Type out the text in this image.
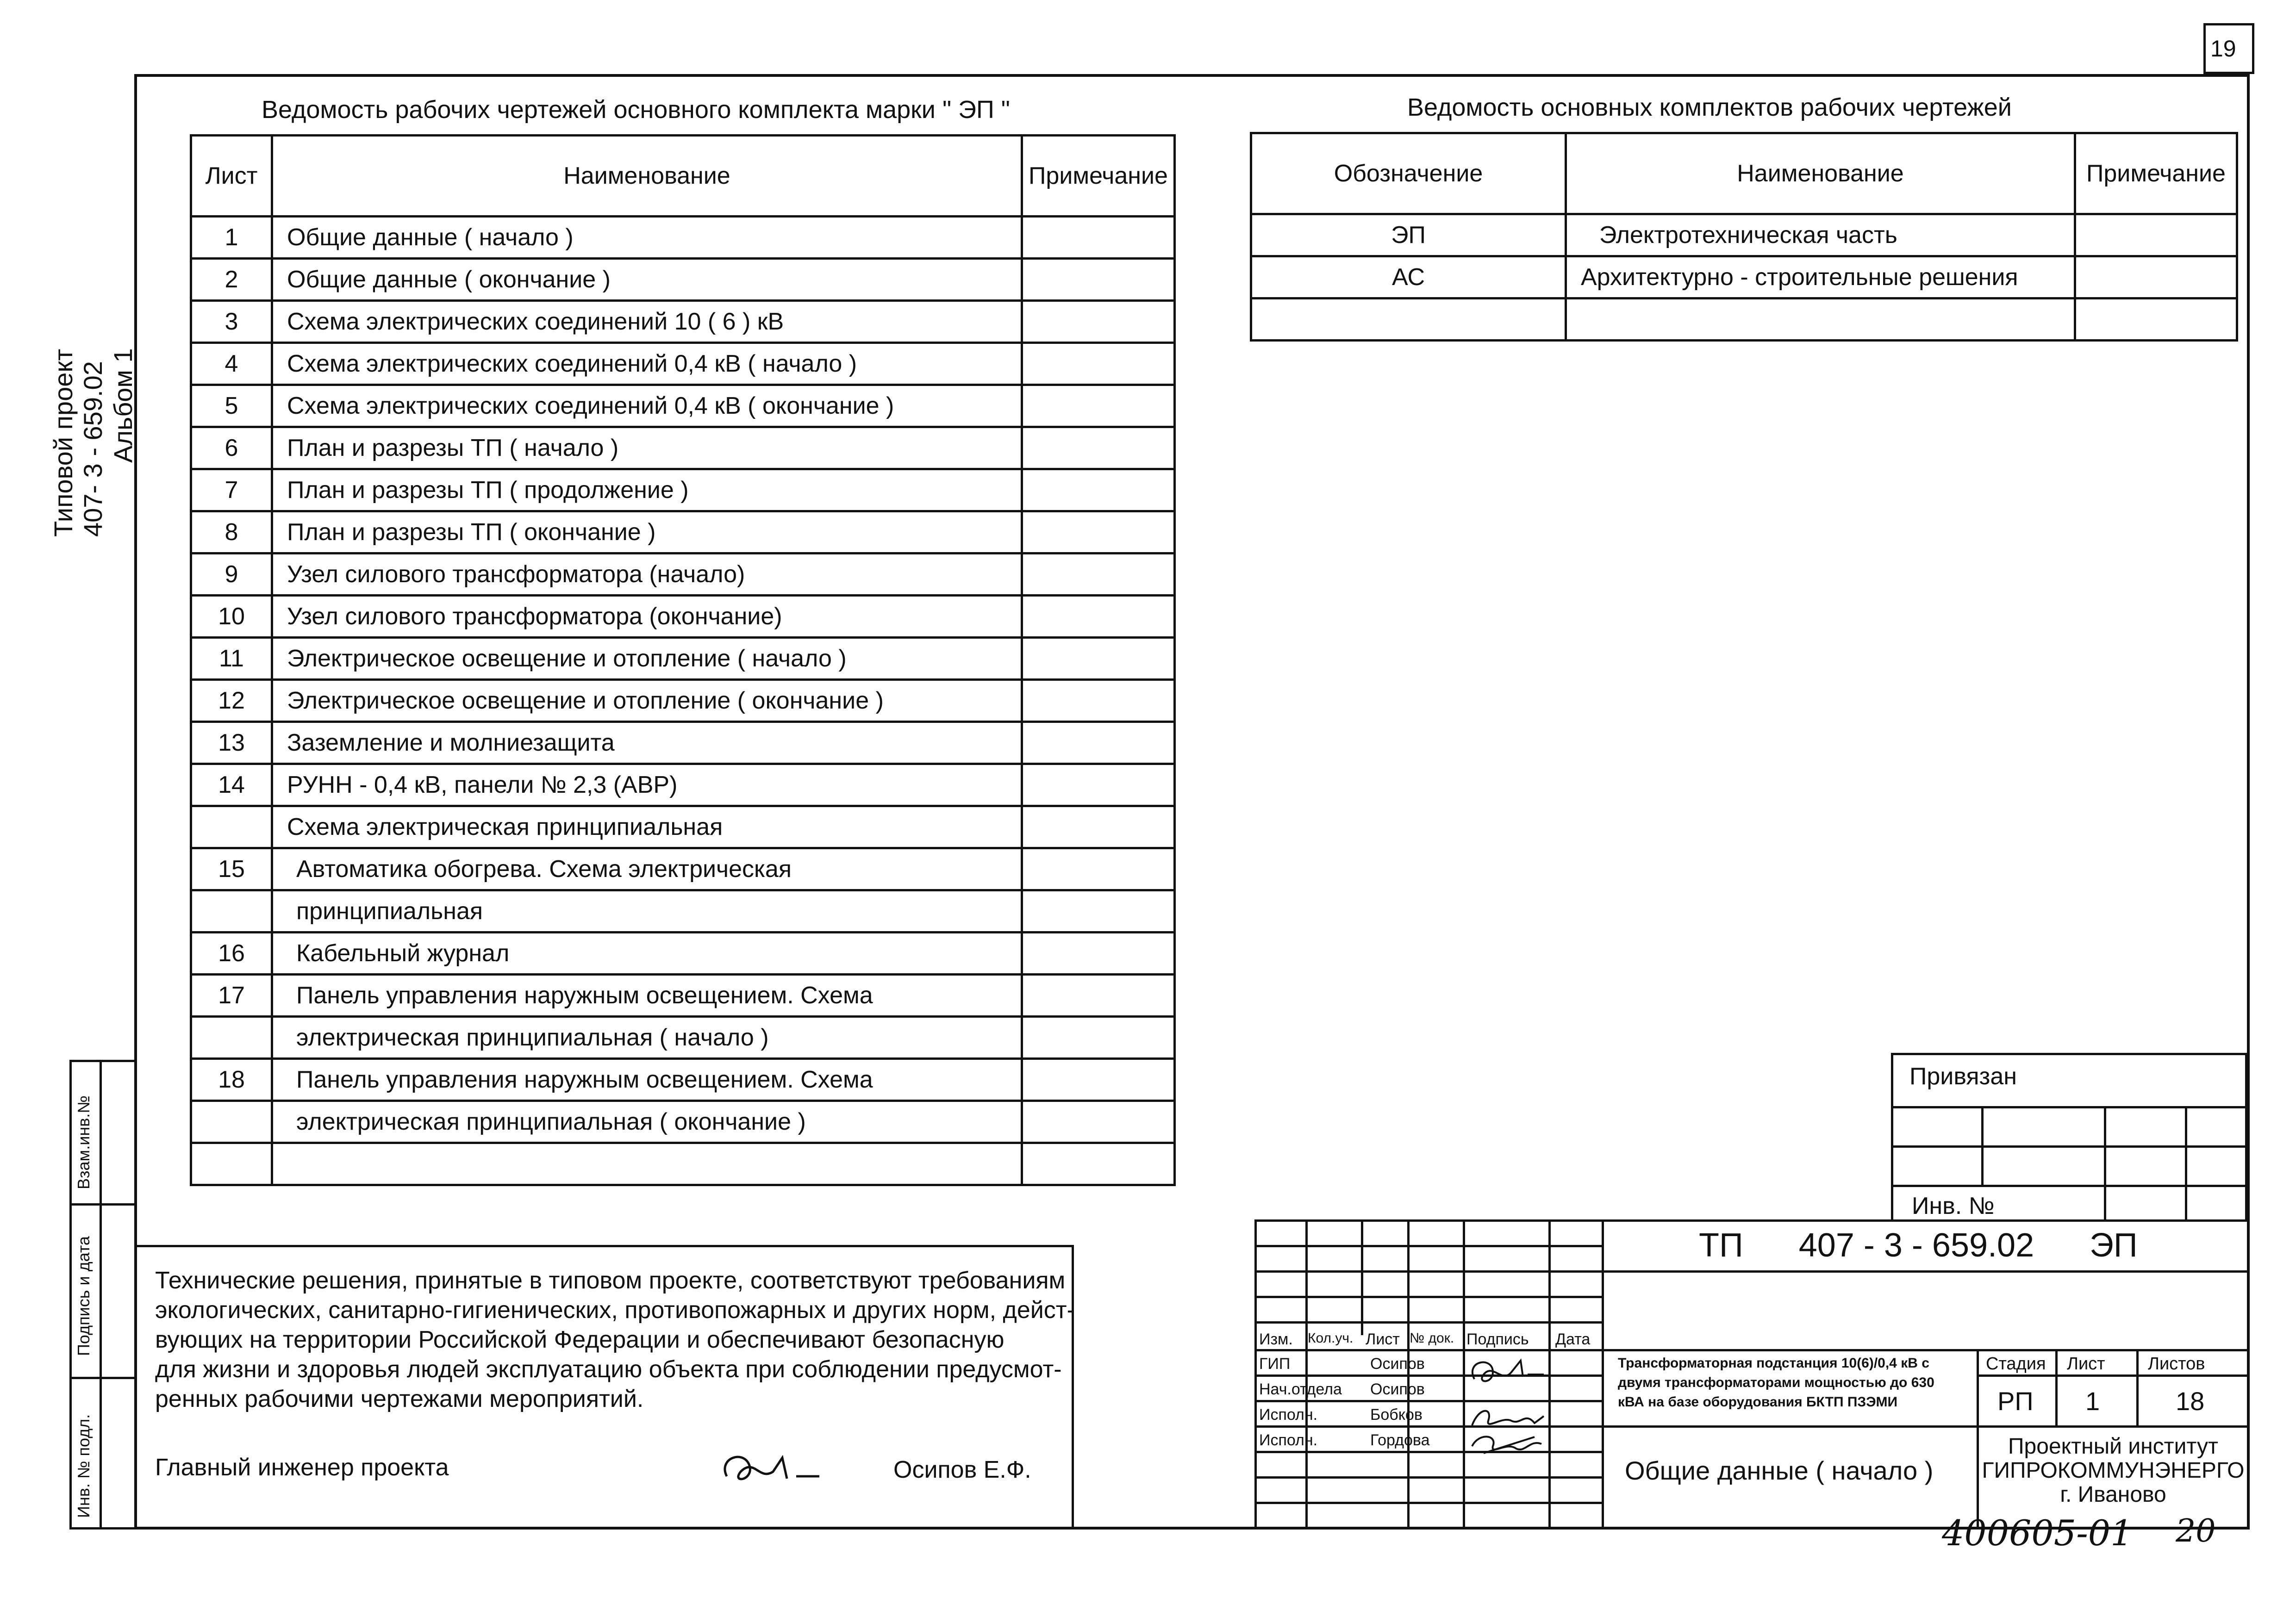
19
Типовой проект 407- 3 - 659.02 Альбом 1
Взам.инв.№
Подпись и дата
Инв. № подл.
Ведомость рабочих чертежей основного комплекта марки " ЭП "
Лист	Наименование	Примечание
1	Общие данные ( начало )	
2	Общие данные ( окончание )	
3	Схема электрических соединений 10 ( 6 ) кВ	
4	Схема электрических соединений 0,4 кВ ( начало )	
5	Схема электрических соединений 0,4 кВ ( окончание )	
6	План и разрезы ТП ( начало )	
7	План и разрезы ТП ( продолжение )	
8	План и разрезы ТП ( окончание )	
9	Узел силового трансформатора (начало)	
10	Узел силового трансформатора (окончание)	
11	Электрическое освещение и отопление ( начало )	
12	Электрическое освещение и отопление ( окончание )	
13	Заземление и молниезащита	
14	РУНН - 0,4 кВ, панели № 2,3 (АВР)	
	Схема электрическая принципиальная	
15	Автоматика обогрева. Схема электрическая	
	принципиальная	
16	Кабельный журнал	
17	Панель управления наружным освещением. Схема	
	электрическая принципиальная ( начало )	
18	Панель управления наружным освещением. Схема	
	электрическая принципиальная ( окончание )	

Ведомость основных комплектов рабочих чертежей
Обозначение	Наименование	Примечание
ЭП	Электротехническая часть	
АС	Архитектурно - строительные решения	

Технические решения, принятые в типовом проекте, соответствуют требованиям
экологических, санитарно-гигиенических, противопожарных и других норм, дейст-
вующих на территории Российской Федерации и обеспечивают безопасную
для жизни и здоровья людей эксплуатацию объекта при соблюдении предусмот-
ренных рабочими чертежами мероприятий.
Главный инженер проекта	Осипов Е.Ф.
Привязан
Инв. №
Изм. Кол.уч. Лист № док. Подпись Дата
ГИП	Осипов
Нач.отдела Осипов
Исполн.	Бобков
Исполн.	Гордова
ТП      407 - 3 - 659.02      ЭП
Трансформаторная подстанция 10(6)/0,4 кВ с
двумя трансформаторами мощностью до 630
кВА на базе оборудования БКТП ПЗЭМИ
Стадия Лист Листов
РП 1	18
Общие данные ( начало )
Проектный институт
ГИПРОКОММУНЭНЕРГО
г. Иваново
400605-01 20
